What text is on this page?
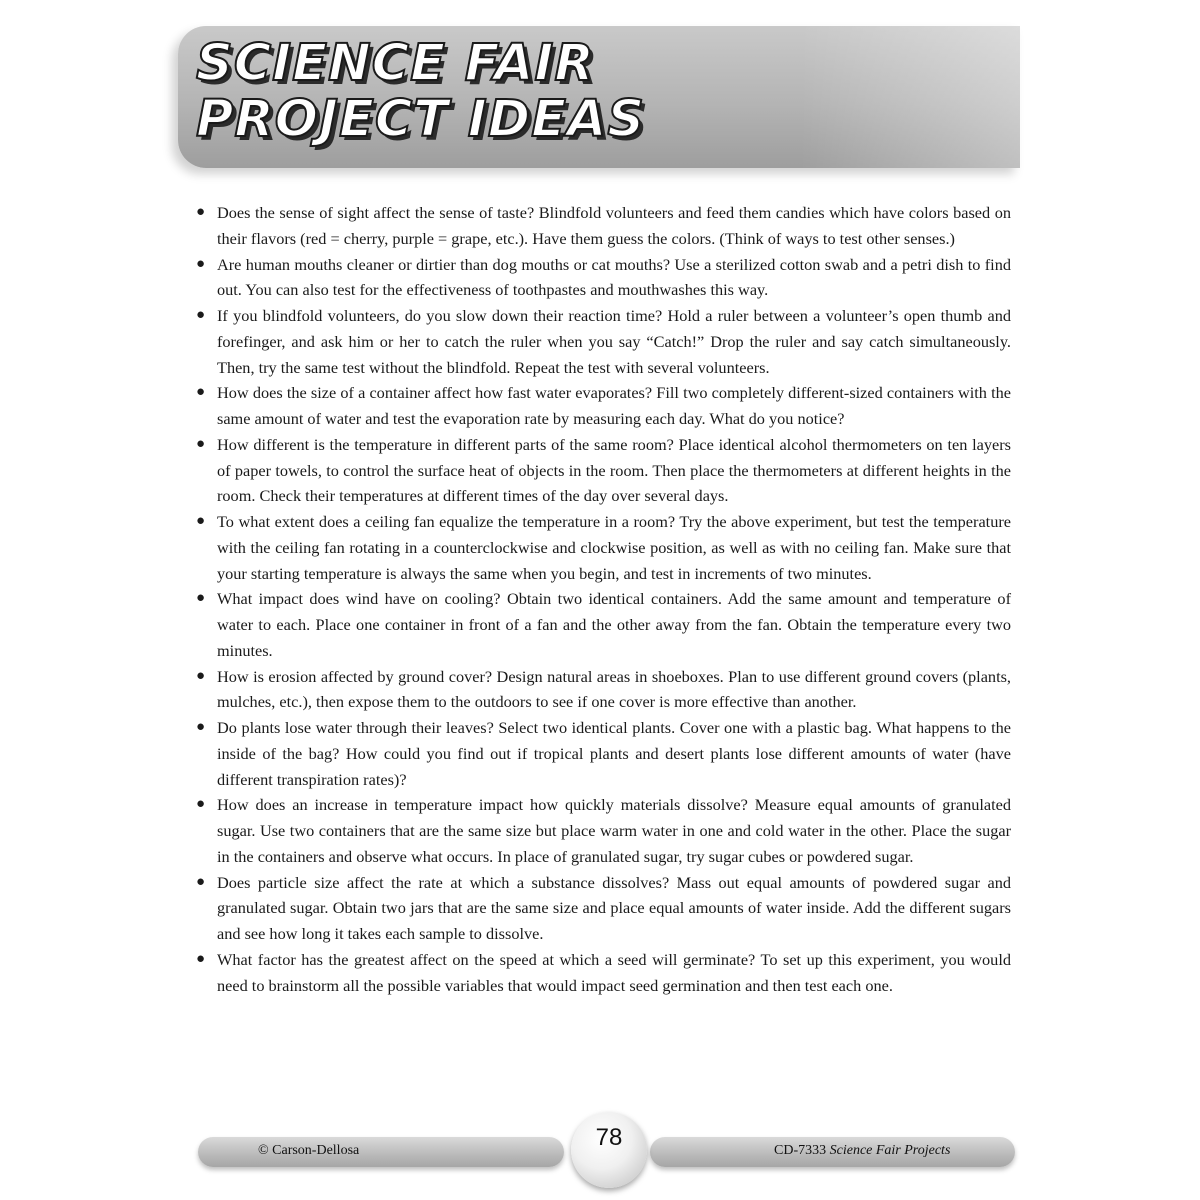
SCIENCE FAIR
PROJECT IDEAS
● Does the sense of sight affect the sense of taste? Blindfold volunteers and feed them candies which have colors based on their flavors (red = cherry, purple = grape, etc.). Have them guess the colors. (Think of ways to test other senses.)
● Are human mouths cleaner or dirtier than dog mouths or cat mouths? Use a sterilized cotton swab and a petri dish to find out. You can also test for the effectiveness of toothpastes and mouthwashes this way.
● If you blindfold volunteers, do you slow down their reaction time? Hold a ruler between a volunteer’s open thumb and forefinger, and ask him or her to catch the ruler when you say “Catch!” Drop the ruler and say catch simultaneously. Then, try the same test without the blindfold. Repeat the test with several volunteers.
● How does the size of a container affect how fast water evaporates? Fill two completely different-sized containers with the same amount of water and test the evaporation rate by measuring each day. What do you notice?
● How different is the temperature in different parts of the same room? Place identical alcohol thermometers on ten layers of paper towels, to control the surface heat of objects in the room. Then place the thermometers at different heights in the room. Check their temperatures at different times of the day over several days.
● To what extent does a ceiling fan equalize the temperature in a room? Try the above experiment, but test the temperature with the ceiling fan rotating in a counterclockwise and clockwise position, as well as with no ceiling fan. Make sure that your starting temperature is always the same when you begin, and test in increments of two minutes.
● What impact does wind have on cooling? Obtain two identical containers. Add the same amount and temperature of water to each. Place one container in front of a fan and the other away from the fan. Obtain the temperature every two minutes.
● How is erosion affected by ground cover? Design natural areas in shoeboxes. Plan to use different ground covers (plants, mulches, etc.), then expose them to the outdoors to see if one cover is more effective than another.
● Do plants lose water through their leaves? Select two identical plants. Cover one with a plastic bag. What happens to the inside of the bag? How could you find out if tropical plants and desert plants lose different amounts of water (have different transpiration rates)?
● How does an increase in temperature impact how quickly materials dissolve? Measure equal amounts of granulated sugar. Use two containers that are the same size but place warm water in one and cold water in the other. Place the sugar in the containers and observe what occurs. In place of granulated sugar, try sugar cubes or powdered sugar.
● Does particle size affect the rate at which a substance dissolves? Mass out equal amounts of powdered sugar and granulated sugar. Obtain two jars that are the same size and place equal amounts of water inside. Add the different sugars and see how long it takes each sample to dissolve.
● What factor has the greatest affect on the speed at which a seed will germinate? To set up this experiment, you would need to brainstorm all the possible variables that would impact seed germination and then test each one.
© Carson-Dellosa	78	CD-7333 Science Fair Projects
